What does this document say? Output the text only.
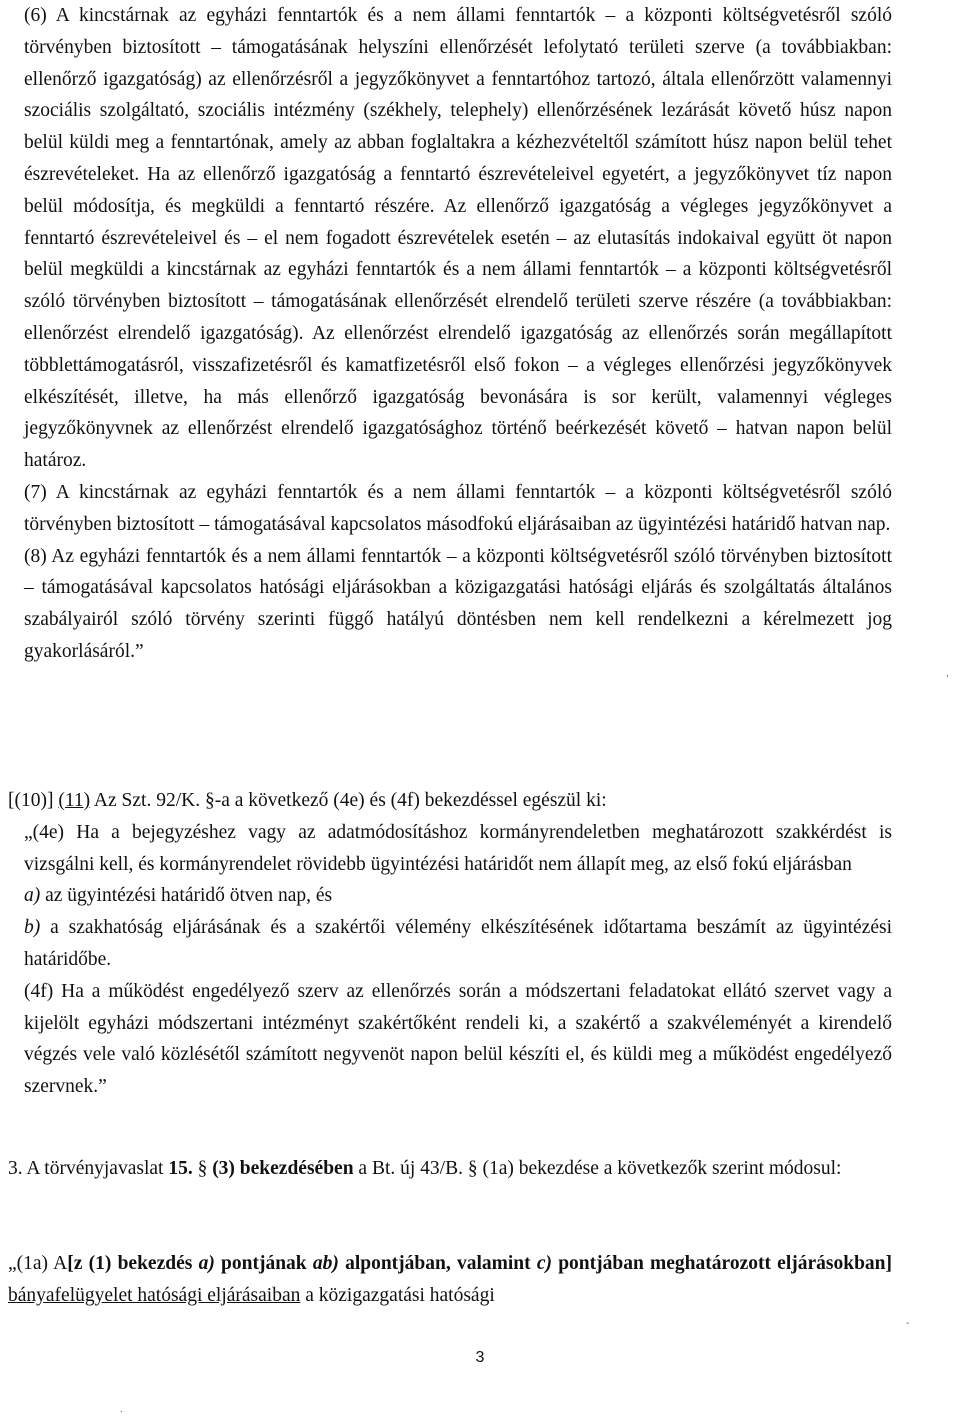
(6) A kincstárnak az egyházi fenntartók és a nem állami fenntartók – a központi költségvetésről szóló törvényben biztosított – támogatásának helyszíni ellenőrzését lefolytató területi szerve (a továbbiakban: ellenőrző igazgatóság) az ellenőrzésről a jegyzőkönyvet a fenntartóhoz tartozó, általa ellenőrzött valamennyi szociális szolgáltató, szociális intézmény (székhely, telephely) ellenőrzésének lezárását követő húsz napon belül küldi meg a fenntartónak, amely az abban foglaltakra a kézhezvételtől számított húsz napon belül tehet észrevételeket. Ha az ellenőrző igazgatóság a fenntartó észrevételeivel egyetért, a jegyzőkönyvet tíz napon belül módosítja, és megküldi a fenntartó részére. Az ellenőrző igazgatóság a végleges jegyzőkönyvet a fenntartó észrevételeivel és – el nem fogadott észrevételek esetén – az elutasítás indokaival együtt öt napon belül megküldi a kincstárnak az egyházi fenntartók és a nem állami fenntartók – a központi költségvetésről szóló törvényben biztosított – támogatásának ellenőrzését elrendelő területi szerve részére (a továbbiakban: ellenőrzést elrendelő igazgatóság). Az ellenőrzést elrendelő igazgatóság az ellenőrzés során megállapított többlettámogatásról, visszafizetésről és kamatfizetésről első fokon – a végleges ellenőrzési jegyzőkönyvek elkészítését, illetve, ha más ellenőrző igazgatóság bevonására is sor került, valamennyi végleges jegyzőkönyvnek az ellenőrzést elrendelő igazgatósághoz történő beérkezését követő – hatvan napon belül határoz.

(7) A kincstárnak az egyházi fenntartók és a nem állami fenntartók – a központi költségvetésről szóló törvényben biztosított – támogatásával kapcsolatos másodfokú eljárásaiban az ügyintézési határidő hatvan nap.

(8) Az egyházi fenntartók és a nem állami fenntartók – a központi költségvetésről szóló törvényben biztosított – támogatásával kapcsolatos hatósági eljárásokban a közigazgatási hatósági eljárás és szolgáltatás általános szabályairól szóló törvény szerinti függő hatályú döntésben nem kell rendelkezni a kérelmezett jog gyakorlásáról.”

[(10)] (11) Az Szt. 92/K. §-a a következő (4e) és (4f) bekezdéssel egészül ki:

„(4e) Ha a bejegyzéshez vagy az adatmódosításhoz kormányrendeletben meghatározott szakkérdést is vizsgálni kell, és kormányrendelet rövidebb ügyintézési határidőt nem állapít meg, az első fokú eljárásban

a) az ügyintézési határidő ötven nap, és

b) a szakhatóság eljárásának és a szakértői vélemény elkészítésének időtartama beszámít az ügyintézési határidőbe.

(4f) Ha a működést engedélyező szerv az ellenőrzés során a módszertani feladatokat ellátó szervet vagy a kijelölt egyházi módszertani intézményt szakértőként rendeli ki, a szakértő a szakvéleményét a kirendelő végzés vele való közlésétől számított negyvenöt napon belül készíti el, és küldi meg a működést engedélyező szervnek.”

3. A törvényjavaslat 15. § (3) bekezdésében a Bt. új 43/B. § (1a) bekezdése a következők szerint módosul:

„(1a) A[z (1) bekezdés a) pontjának ab) alpontjában, valamint c) pontjában meghatározott eljárásokban] bányafelügyelet hatósági eljárásaiban a közigazgatási hatósági

,
-
.
3
